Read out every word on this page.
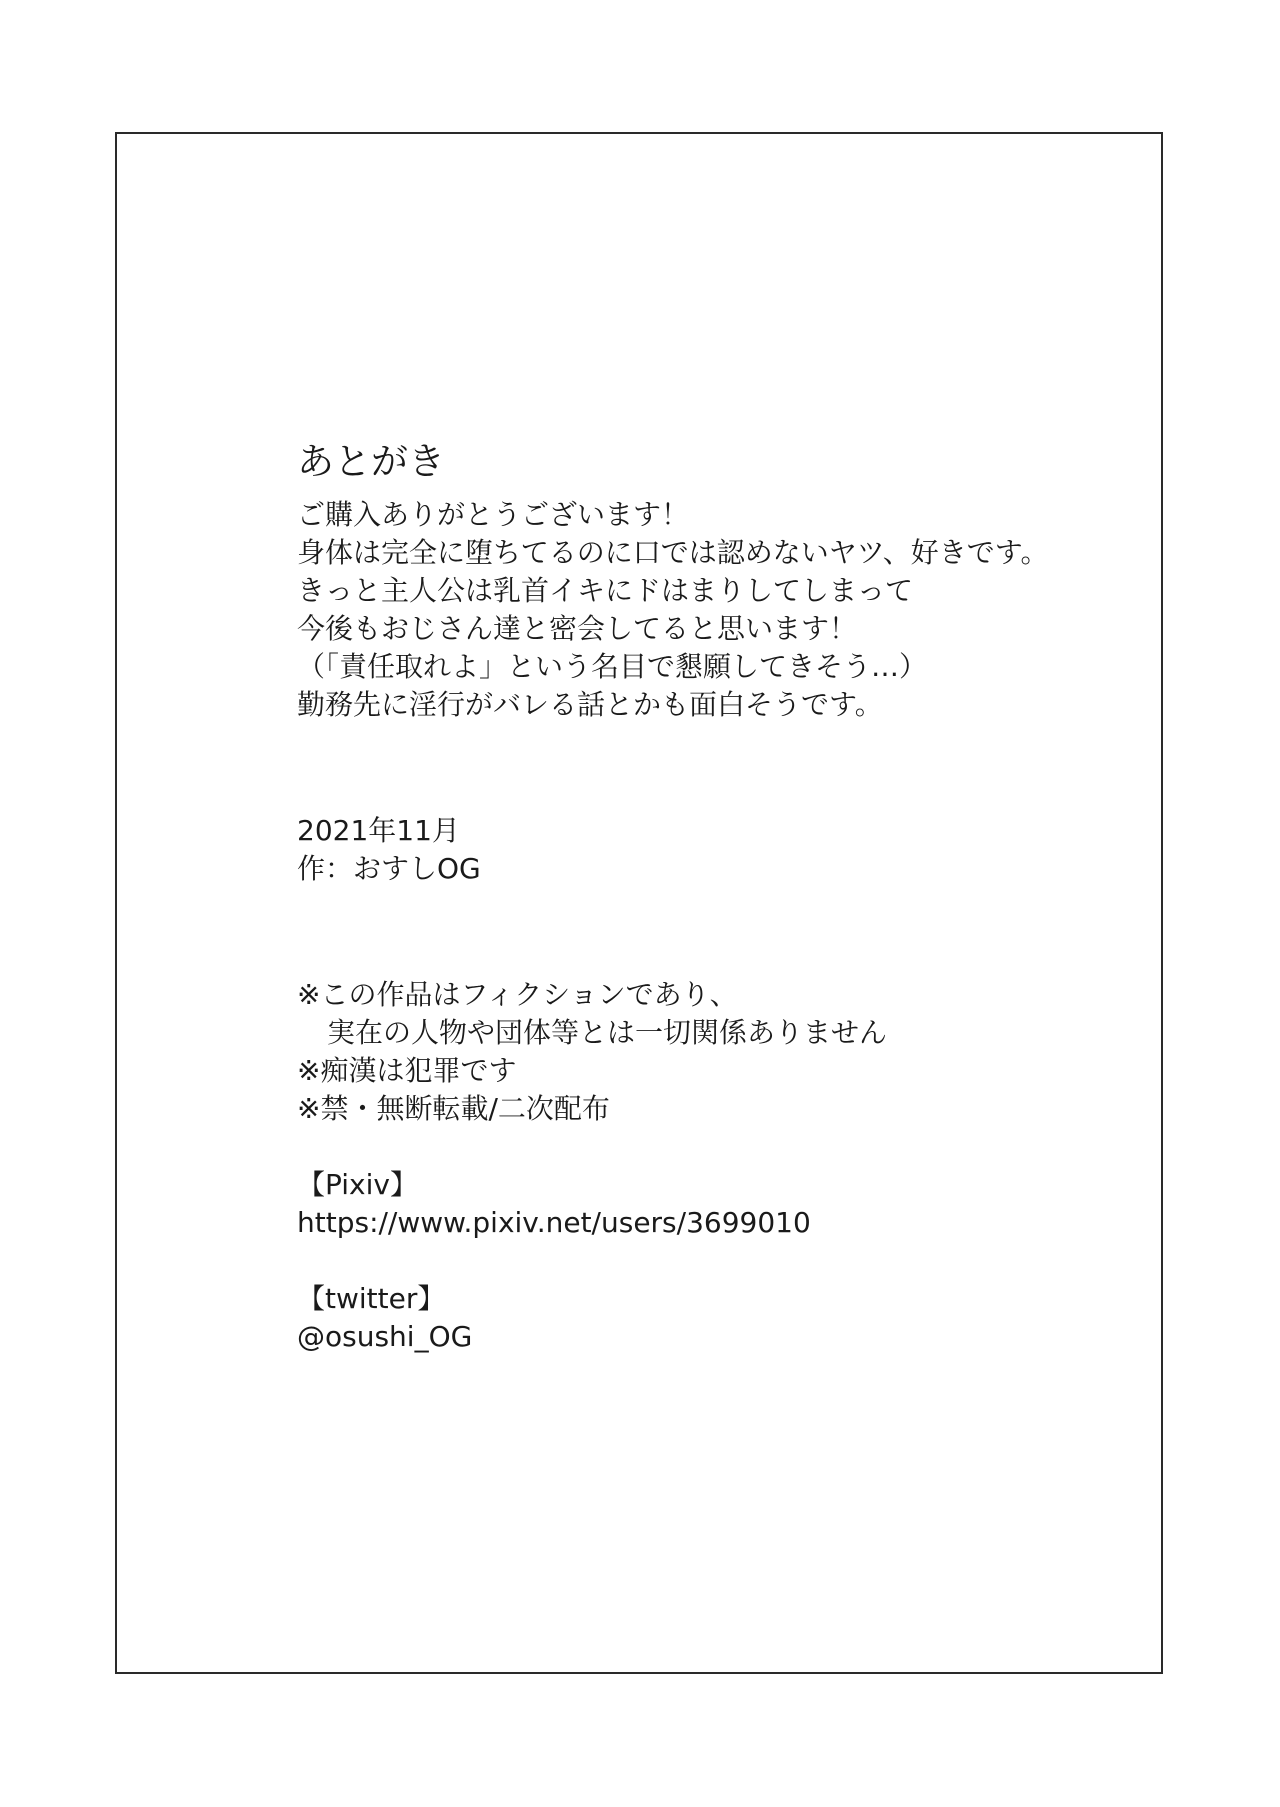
あとがき
ご購入ありがとうございます！
身体は完全に堕ちてるのに口では認めないヤツ、好きです。
きっと主人公は乳首イキにドはまりしてしまって
今後もおじさん達と密会してると思います！
（「責任取れよ」という名目で懇願してきそう…）
勤務先に淫行がバレる話とかも面白そうです。
2021年11月
作：おすしOG
※この作品はフィクションであり、
実在の人物や団体等とは一切関係ありません
※痴漢は犯罪です
※禁・無断転載/二次配布
【Pixiv】
https://www.pixiv.net/users/3699010
【twitter】
@osushi_OG
